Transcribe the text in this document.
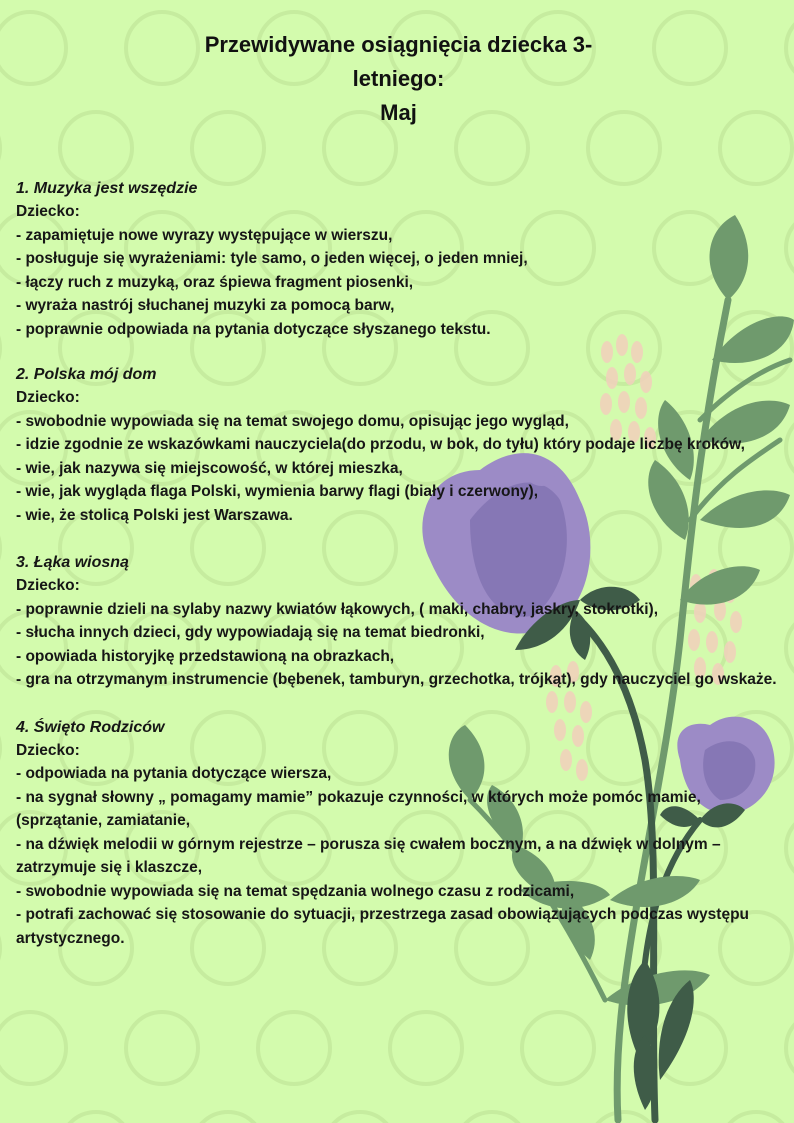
Przewidywane osiągnięcia dziecka 3-
letniego:
Maj
1. Muzyka jest wszędzie
Dziecko:
- zapamiętuje nowe wyrazy występujące w wierszu,
- posługuje się wyrażeniami: tyle samo, o jeden więcej, o jeden mniej,
- łączy ruch z muzyką, oraz śpiewa fragment piosenki,
- wyraża nastrój słuchanej muzyki za pomocą barw,
- poprawnie odpowiada na pytania dotyczące słyszanego tekstu.
2. Polska mój dom
Dziecko:
- swobodnie wypowiada się na temat swojego domu, opisując jego wygląd,
- idzie zgodnie ze wskazówkami nauczyciela(do przodu, w bok, do tyłu) który podaje liczbę kroków,
- wie, jak nazywa się miejscowość, w której mieszka,
- wie, jak wygląda flaga Polski, wymienia barwy flagi (biały i czerwony),
- wie, że stolicą Polski jest Warszawa.
3. Łąka wiosną
Dziecko:
- poprawnie dzieli na sylaby nazwy kwiatów łąkowych, ( maki, chabry, jaskry, stokrotki),
- słucha innych dzieci, gdy wypowiadają się na temat biedronki,
- opowiada historyjkę przedstawioną na obrazkach,
- gra na otrzymanym instrumencie (bębenek, tamburyn, grzechotka, trójkąt), gdy nauczyciel go wskaże.
4. Święto Rodziców
Dziecko:
- odpowiada na pytania dotyczące wiersza,
- na sygnał słowny „ pomagamy mamie” pokazuje czynności, w których może pomóc mamie, (sprzątanie, zamiatanie,
- na dźwięk melodii w górnym rejestrze – porusza się cwałem bocznym, a na dźwięk w dolnym – zatrzymuje się i klaszcze,
- swobodnie wypowiada się na temat spędzania wolnego czasu z rodzicami,
- potrafi zachować się stosowanie do sytuacji, przestrzega zasad obowiązujących podczas występu artystycznego.
